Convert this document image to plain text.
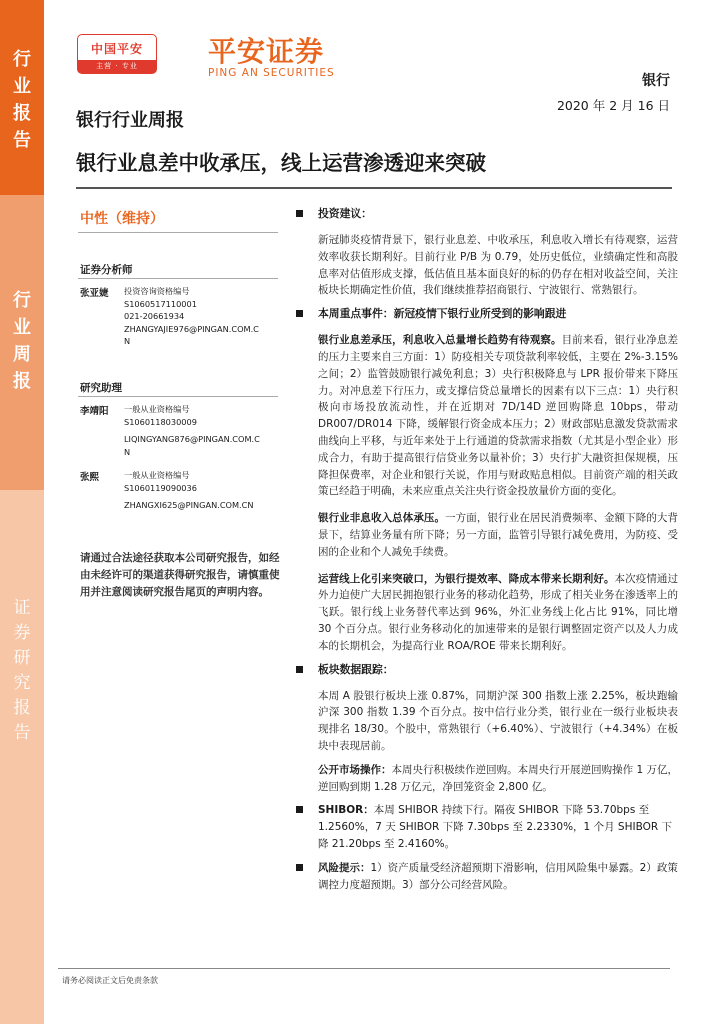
行
业
报
告
行
业
周
报
证
券
研
究
报
告
中国平安
主营 · 专业	平安证券
PING AN SECURITIES	银行
2020 年 2 月 16 日
银行行业周报
银行业息差中收承压，线上运营渗透迎来突破
中性（维持）
证券分析师
张亚婕 投资咨询资格编号
S1060517110001
021-20661934
ZHANGYAJIE976@PINGAN.COM.C
N
研究助理
李靖阳 一般从业资格编号
S1060118030009
LIQINGYANG876@PINGAN.COM.C
N
张熙	一般从业资格编号
S1060119090036
ZHANGXI625@PINGAN.COM.CN
请通过合法途径获取本公司研究报告，如经由未经许可的渠道获得研究报告，请慎重使用并注意阅读研究报告尾页的声明内容。
投资建议：
新冠肺炎疫情背景下，银行业息差、中收承压，利息收入增长有待观察，运营效率收获长期利好。目前行业 P/B 为 0.79，处历史低位，业绩确定性和高股息率对估值形成支撑，低估值且基本面良好的标的仍存在相对收益空间，关注板块长期确定性价值，我们继续推荐招商银行、宁波银行、常熟银行。
本周重点事件：新冠疫情下银行业所受到的影响跟进
银行业息差承压，利息收入总量增长趋势有待观察。目前来看，银行业净息差的压力主要来自三方面：1）防疫相关专项贷款利率较低，主要在 2%-3.15%之间；2）监管鼓励银行减免利息；3）央行积极降息与 LPR 报价带来下降压力。对冲息差下行压力，或支撑信贷总量增长的因素有以下三点：1）央行积极向市场投放流动性，并在近期对 7D/14D 逆回购降息 10bps，带动 DR007/DR014 下降，缓解银行资金成本压力；2）财政部贴息激发贷款需求曲线向上平移，与近年来处于上行通道的贷款需求指数（尤其是小型企业）形成合力，有助于提高银行信贷业务以量补价；3）央行扩大融资担保规模，压降担保费率，对企业和银行关说，作用与财政贴息相似。目前资产端的相关政策已经趋于明确，未来应重点关注央行资金投放量价方面的变化。
银行业非息收入总体承压。一方面，银行业在居民消费频率、金额下降的大背景下，结算业务量有所下降；另一方面，监管引导银行减免费用，为防疫、受困的企业和个人减免手续费。
运营线上化引来突破口，为银行提效率、降成本带来长期利好。本次疫情通过外力迫使广大居民拥抱银行业务的移动化趋势，形成了相关业务在渗透率上的飞跃。银行线上业务替代率达到 96%，外汇业务线上化占比 91%，同比增 30 个百分点。银行业务移动化的加速带来的是银行调整固定资产以及人力成本的长期机会，为提高行业 ROA/ROE 带来长期利好。
板块数据跟踪：
本周 A 股银行板块上涨 0.87%，同期沪深 300 指数上涨 2.25%，板块跑输沪深 300 指数 1.39 个百分点。按中信行业分类，银行业在一级行业板块表现排名 18/30。个股中，常熟银行（+6.40%）、宁波银行（+4.34%）在板块中表现居前。
公开市场操作：本周央行积极续作逆回购。本周央行开展逆回购操作 1 万亿，逆回购到期 1.28 万亿元，净回笼资金 2,800 亿。
SHIBOR：本周 SHIBOR 持续下行。隔夜 SHIBOR 下降 53.70bps 至 1.2560%，7 天 SHIBOR 下降 7.30bps 至 2.2330%，1 个月 SHIBOR 下降 21.20bps 至 2.4160%。
风险提示：1）资产质量受经济超预期下滑影响，信用风险集中暴露。2）政策调控力度超预期。3）部分公司经营风险。
请务必阅读正文后免责条款
